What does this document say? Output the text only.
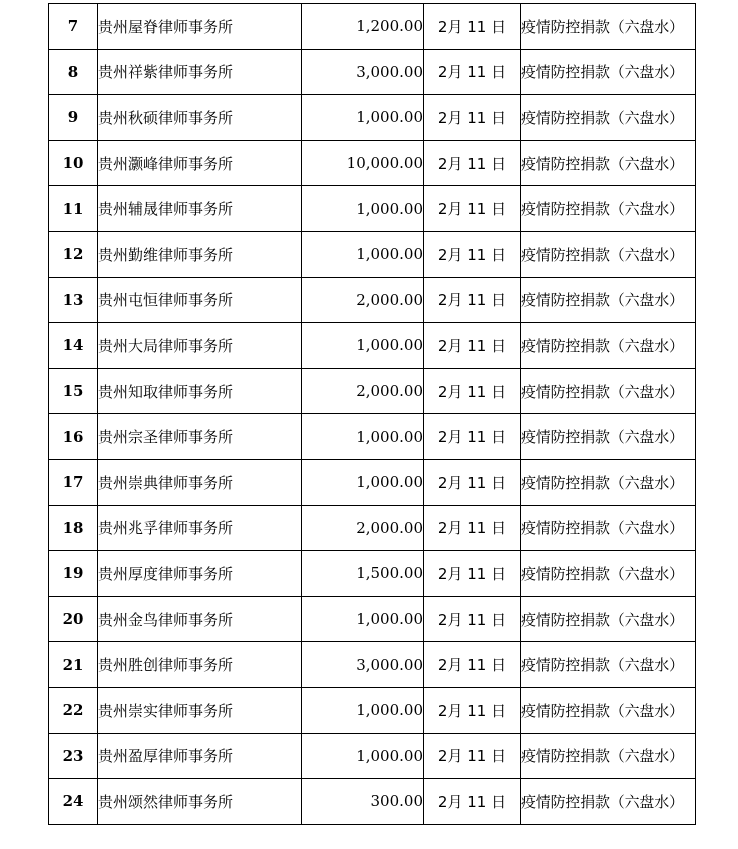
7	贵州屋脊律师事务所	1,200.00	2月 11 日	疫情防控捐款（六盘水）
8	贵州祥紫律师事务所	3,000.00	2月 11 日	疫情防控捐款（六盘水）
9	贵州秋硕律师事务所	1,000.00	2月 11 日	疫情防控捐款（六盘水）
10	贵州灏峰律师事务所	10,000.00	2月 11 日	疫情防控捐款（六盘水）
11	贵州辅晟律师事务所	1,000.00	2月 11 日	疫情防控捐款（六盘水）
12	贵州勤维律师事务所	1,000.00	2月 11 日	疫情防控捐款（六盘水）
13	贵州屯恒律师事务所	2,000.00	2月 11 日	疫情防控捐款（六盘水）
14	贵州大局律师事务所	1,000.00	2月 11 日	疫情防控捐款（六盘水）
15	贵州知取律师事务所	2,000.00	2月 11 日	疫情防控捐款（六盘水）
16	贵州宗圣律师事务所	1,000.00	2月 11 日	疫情防控捐款（六盘水）
17	贵州崇典律师事务所	1,000.00	2月 11 日	疫情防控捐款（六盘水）
18	贵州兆孚律师事务所	2,000.00	2月 11 日	疫情防控捐款（六盘水）
19	贵州厚度律师事务所	1,500.00	2月 11 日	疫情防控捐款（六盘水）
20	贵州金鸟律师事务所	1,000.00	2月 11 日	疫情防控捐款（六盘水）
21	贵州胜创律师事务所	3,000.00	2月 11 日	疫情防控捐款（六盘水）
22	贵州崇实律师事务所	1,000.00	2月 11 日	疫情防控捐款（六盘水）
23	贵州盈厚律师事务所	1,000.00	2月 11 日	疫情防控捐款（六盘水）
24	贵州颂然律师事务所	300.00	2月 11 日	疫情防控捐款（六盘水）
